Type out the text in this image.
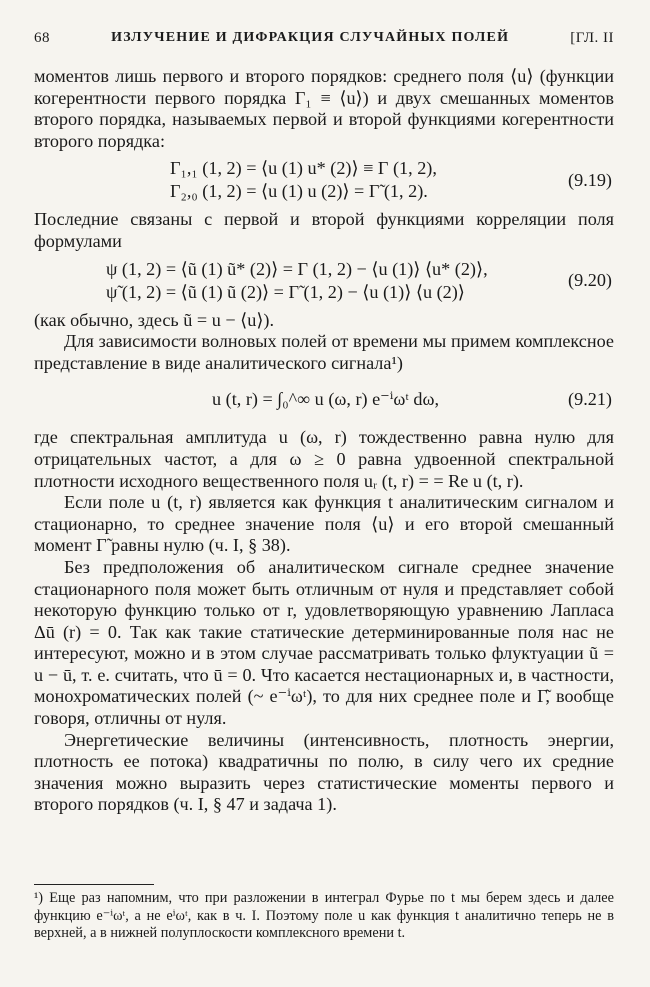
68	ИЗЛУЧЕНИЕ И ДИФРАКЦИЯ СЛУЧАЙНЫХ ПОЛЕЙ	[ГЛ. II

моментов лишь первого и второго порядков: среднего поля ⟨u⟩ (функции когерентности первого порядка Γ₁ ≡ ⟨u⟩) и двух смешанных моментов второго порядка, называемых первой и второй функциями когерентности второго порядка:

Γ₁,₁ (1, 2) = ⟨u (1) u* (2)⟩ ≡ Γ (1, 2),
Γ₂,₀ (1, 2) = ⟨u (1) u (2)⟩ = Γ̃ (1, 2).
(9.19)

Последние связаны с первой и второй функциями корреляции поля формулами

ψ (1, 2) = ⟨ũ (1) ũ* (2)⟩ = Γ (1, 2) − ⟨u (1)⟩ ⟨u* (2)⟩,
ψ̃ (1, 2) = ⟨ũ (1) ũ (2)⟩ = Γ̃ (1, 2) − ⟨u (1)⟩ ⟨u (2)⟩
(9.20)

(как обычно, здесь ũ = u − ⟨u⟩).

Для зависимости волновых полей от времени мы примем комплексное представление в виде аналитического сигнала¹)

u (t, r) = ∫₀^∞ u (ω, r) e⁻ⁱωᵗ dω,	(9.21)

где спектральная амплитуда u (ω, r) тождественно равна нулю для отрицательных частот, а для ω ≥ 0 равна удвоенной спектральной плотности исходного вещественного поля uᵣ (t, r) = = Re u (t, r).

Если поле u (t, r) является как функция t аналитическим сигналом и стационарно, то среднее значение поля ⟨u⟩ и его второй смешанный момент Γ̃ равны нулю (ч. I, § 38).

Без предположения об аналитическом сигнале среднее значение стационарного поля может быть отличным от нуля и представляет собой некоторую функцию только от r, удовлетворяющую уравнению Лапласа Δū (r) = 0. Так как такие статические детерминированные поля нас не интересуют, можно и в этом случае рассматривать только флуктуации ũ = u − ū, т. е. считать, что ū = 0. Что касается нестационарных и, в частности, монохроматических полей (~ e⁻ⁱωᵗ), то для них среднее поле и Γ̃, вообще говоря, отличны от нуля.

Энергетические величины (интенсивность, плотность энергии, плотность ее потока) квадратичны по полю, в силу чего их средние значения можно выразить через статистические моменты первого и второго порядков (ч. I, § 47 и задача 1).

¹) Еще раз напомним, что при разложении в интеграл Фурье по t мы берем здесь и далее функцию e⁻ⁱωᵗ, а не eⁱωᵗ, как в ч. I. Поэтому поле u как функция t аналитично теперь не в верхней, а в нижней полуплоскости комплексного времени t.
